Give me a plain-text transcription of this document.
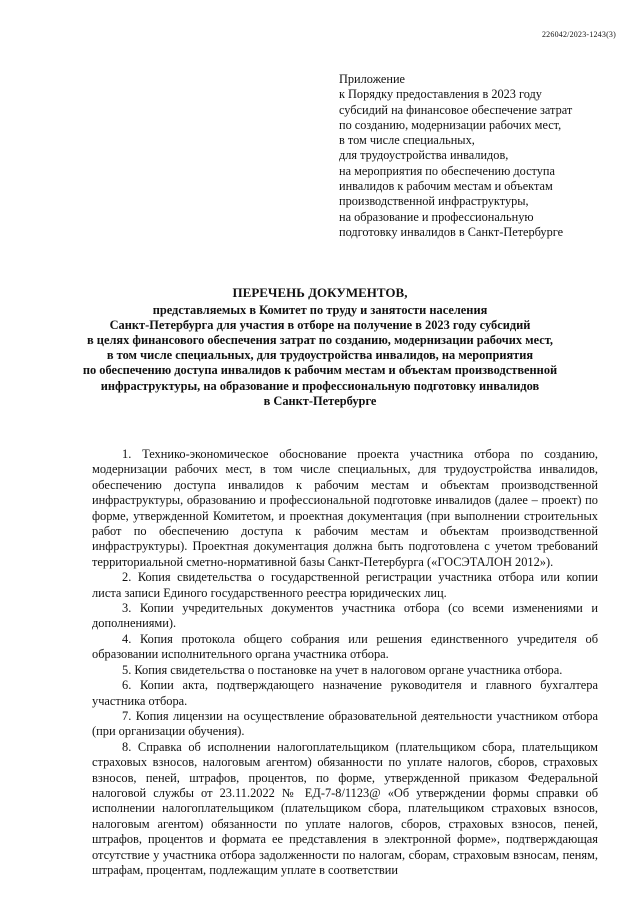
226042/2023-1243(3)
Приложение
к Порядку предоставления в 2023 году
субсидий на финансовое обеспечение затрат
по созданию, модернизации рабочих мест,
в том числе специальных,
для трудоустройства инвалидов,
на мероприятия по обеспечению доступа
инвалидов к рабочим местам и объектам
производственной инфраструктуры,
на образование и профессиональную
подготовку инвалидов в Санкт-Петербурге
ПЕРЕЧЕНЬ ДОКУМЕНТОВ,
представляемых в Комитет по труду и занятости населения
Санкт-Петербурга для участия в отборе на получение в 2023 году субсидий
в целях финансового обеспечения затрат по созданию, модернизации рабочих мест,
в том числе специальных, для трудоустройства инвалидов, на мероприятия
по обеспечению доступа инвалидов к рабочим местам и объектам производственной
инфраструктуры, на образование и профессиональную подготовку инвалидов
в Санкт-Петербурге

1. Технико-экономическое обоснование проекта участника отбора по созданию, модернизации рабочих мест, в том числе специальных, для трудоустройства инвалидов, обеспечению доступа инвалидов к рабочим местам и объектам производственной инфраструктуры, образованию и профессиональной подготовке инвалидов (далее – проект) по форме, утвержденной Комитетом, и проектная документация (при выполнении строительных работ по обеспечению доступа к рабочим местам и объектам производственной инфраструктуры). Проектная документация должна быть подготовлена с учетом требований территориальной сметно-нормативной базы Санкт-Петербурга («ГОСЭТАЛОН 2012»).

2. Копия свидетельства о государственной регистрации участника отбора или копии листа записи Единого государственного реестра юридических лиц.

3. Копии учредительных документов участника отбора (со всеми изменениями и дополнениями).

4. Копия протокола общего собрания или решения единственного учредителя об образовании исполнительного органа участника отбора.

5. Копия свидетельства о постановке на учет в налоговом органе участника отбора.

6. Копии акта, подтверждающего назначение руководителя и главного бухгалтера участника отбора.

7. Копия лицензии на осуществление образовательной деятельности участником отбора (при организации обучения).

8. Справка об исполнении налогоплательщиком (плательщиком сбора, плательщиком страховых взносов, налоговым агентом) обязанности по уплате налогов, сборов, страховых взносов, пеней, штрафов, процентов, по форме, утвержденной приказом Федеральной налоговой службы от 23.11.2022 № ЕД-7-8/1123@ «Об утверждении формы справки об исполнении налогоплательщиком (плательщиком сбора, плательщиком страховых взносов, налоговым агентом) обязанности по уплате налогов, сборов, страховых взносов, пеней, штрафов, процентов и формата ее представления в электронной форме», подтверждающая отсутствие у участника отбора задолженности по налогам, сборам, страховым взносам, пеням, штрафам, процентам, подлежащим уплате в соответствии
